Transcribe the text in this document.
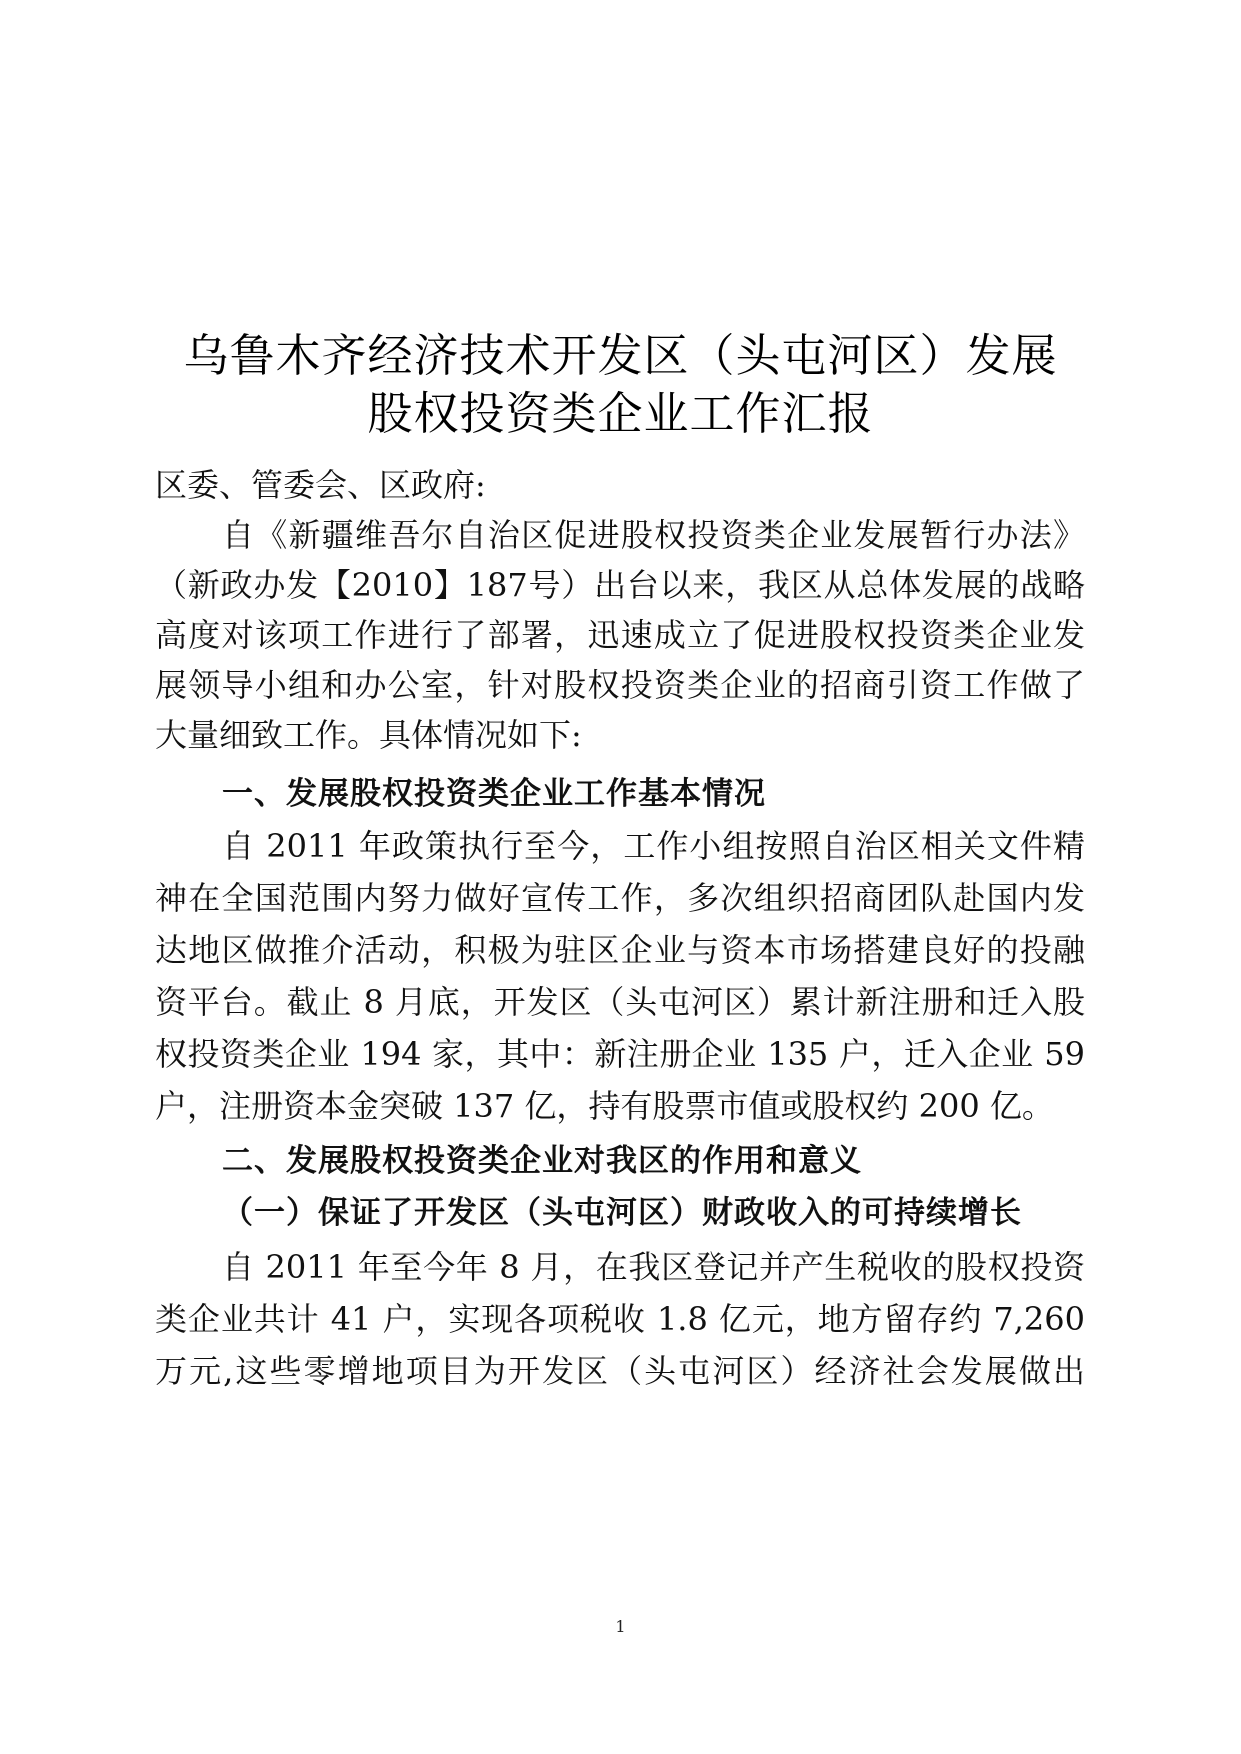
乌鲁木齐经济技术开发区（头屯河区）发展
股权投资类企业工作汇报
区委、管委会、区政府:
自《新疆维吾尔自治区促进股权投资类企业发展暂行办法》
（新政办发【2010】187号）出台以来，我区从总体发展的战略
高度对该项工作进行了部署，迅速成立了促进股权投资类企业发
展领导小组和办公室，针对股权投资类企业的招商引资工作做了
大量细致工作。具体情况如下:
一、发展股权投资类企业工作基本情况
自 2011 年政策执行至今，工作小组按照自治区相关文件精
神在全国范围内努力做好宣传工作，多次组织招商团队赴国内发
达地区做推介活动，积极为驻区企业与资本市场搭建良好的投融
资平台。截止 8 月底，开发区（头屯河区）累计新注册和迁入股
权投资类企业 194 家，其中：新注册企业 135 户，迁入企业 59
户，注册资本金突破 137 亿，持有股票市值或股权约 200 亿。
二、发展股权投资类企业对我区的作用和意义
（一）保证了开发区（头屯河区）财政收入的可持续增长
自 2011 年至今年 8 月，在我区登记并产生税收的股权投资
类企业共计 41 户，实现各项税收 1.8 亿元，地方留存约 7,260
万元,这些零增地项目为开发区（头屯河区）经济社会发展做出
1
